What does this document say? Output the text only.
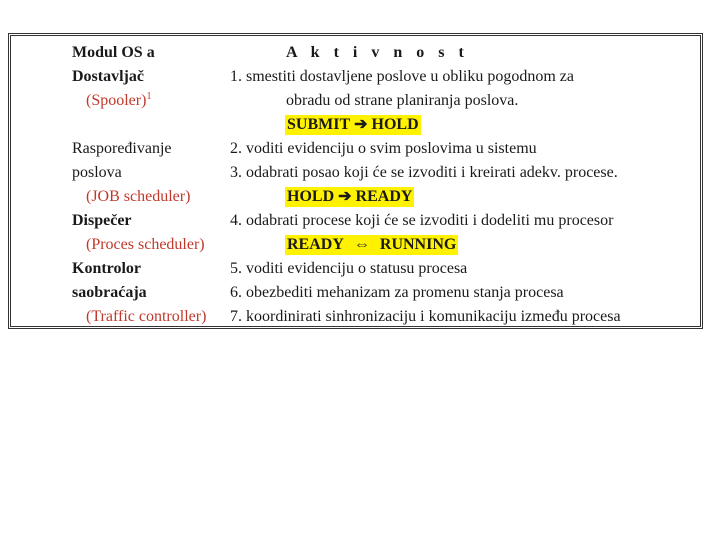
Modul OS a	A k t i v n o s t
Dostavljač
(Spooler)$^1$
Raspoređivanje
poslova
(JOB scheduler)
Dispečer
(Proces scheduler)
Kontrolor
saobraćaja
(Traffic controller)
1. smestiti dostavljene poslove u obliku pogodnom za
obradu od strane planiranja poslova.
SUBMIT ➔ HOLD
2. voditi evidenciju o svim poslovima u sistemu
3. odabrati posao koji će se izvoditi i kreirati adekv. procese.
HOLD ➔ READY
4. odabrati procese koji će se izvoditi i dodeliti mu procesor
READY ⇔ RUNNING
5. voditi evidenciju o statusu procesa
6. obezbediti mehanizam za promenu stanja procesa
7. koordinirati sinhronizaciju i komunikaciju između procesa
